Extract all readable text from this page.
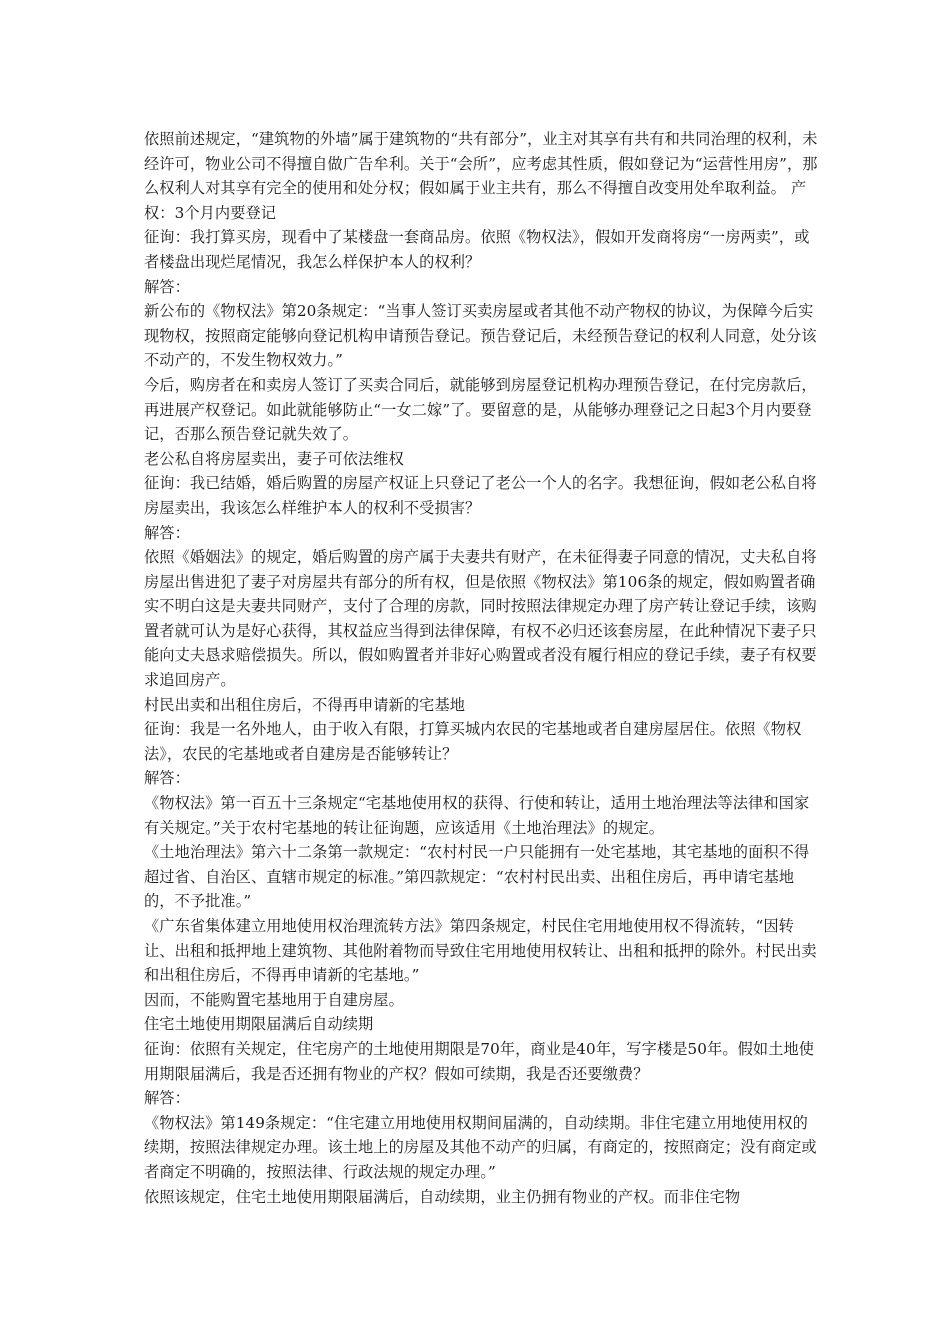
依照前述规定，“建筑物的外墙”属于建筑物的“共有部分”，业主对其享有共有和共同治理的权利，未经许可，物业公司不得擅自做广告牟利。关于“会所”，应考虑其性质，假如登记为“运营性用房”，那么权利人对其享有完全的使用和处分权；假如属于业主共有，那么不得擅自改变用处牟取利益。 产权：3个月内要登记

征询：我打算买房，现看中了某楼盘一套商品房。依照《物权法》，假如开发商将房“一房两卖”，或者楼盘出现烂尾情况，我怎么样保护本人的权利？

解答：

新公布的《物权法》第20条规定：“当事人签订买卖房屋或者其他不动产物权的协议，为保障今后实现物权，按照商定能够向登记机构申请预告登记。预告登记后，未经预告登记的权利人同意，处分该不动产的，不发生物权效力。”

今后，购房者在和卖房人签订了买卖合同后，就能够到房屋登记机构办理预告登记，在付完房款后，再进展产权登记。如此就能够防止“一女二嫁”了。要留意的是，从能够办理登记之日起3个月内要登记，否那么预告登记就失效了。

老公私自将房屋卖出，妻子可依法维权

征询：我已结婚，婚后购置的房屋产权证上只登记了老公一个人的名字。我想征询，假如老公私自将房屋卖出，我该怎么样维护本人的权利不受损害？

解答：

依照《婚姻法》的规定，婚后购置的房产属于夫妻共有财产，在未征得妻子同意的情况，丈夫私自将房屋出售进犯了妻子对房屋共有部分的所有权，但是依照《物权法》第106条的规定，假如购置者确实不明白这是夫妻共同财产，支付了合理的房款，同时按照法律规定办理了房产转让登记手续，该购置者就可认为是好心获得，其权益应当得到法律保障，有权不必归还该套房屋，在此种情况下妻子只能向丈夫恳求赔偿损失。所以，假如购置者并非好心购置或者没有履行相应的登记手续，妻子有权要求追回房产。

村民出卖和出租住房后，不得再申请新的宅基地

征询：我是一名外地人，由于收入有限，打算买城内农民的宅基地或者自建房屋居住。依照《物权法》，农民的宅基地或者自建房是否能够转让？

解答：

《物权法》第一百五十三条规定“宅基地使用权的获得、行使和转让，适用土地治理法等法律和国家有关规定。”关于农村宅基地的转让征询题，应该适用《土地治理法》的规定。

《土地治理法》第六十二条第一款规定：“农村村民一户只能拥有一处宅基地，其宅基地的面积不得超过省、自治区、直辖市规定的标准。”第四款规定：“农村村民出卖、出租住房后，再申请宅基地的，不予批准。”

《广东省集体建立用地使用权治理流转方法》第四条规定，村民住宅用地使用权不得流转，“因转让、出租和抵押地上建筑物、其他附着物而导致住宅用地使用权转让、出租和抵押的除外。村民出卖和出租住房后，不得再申请新的宅基地。”

因而，不能购置宅基地用于自建房屋。

住宅土地使用期限届满后自动续期

征询：依照有关规定，住宅房产的土地使用期限是70年，商业是40年，写字楼是50年。假如土地使用期限届满后，我是否还拥有物业的产权？假如可续期，我是否还要缴费？

解答：

《物权法》第149条规定：“住宅建立用地使用权期间届满的，自动续期。非住宅建立用地使用权的续期，按照法律规定办理。该土地上的房屋及其他不动产的归属，有商定的，按照商定；没有商定或者商定不明确的，按照法律、行政法规的规定办理。”

依照该规定，住宅土地使用期限届满后，自动续期，业主仍拥有物业的产权。而非住宅物
